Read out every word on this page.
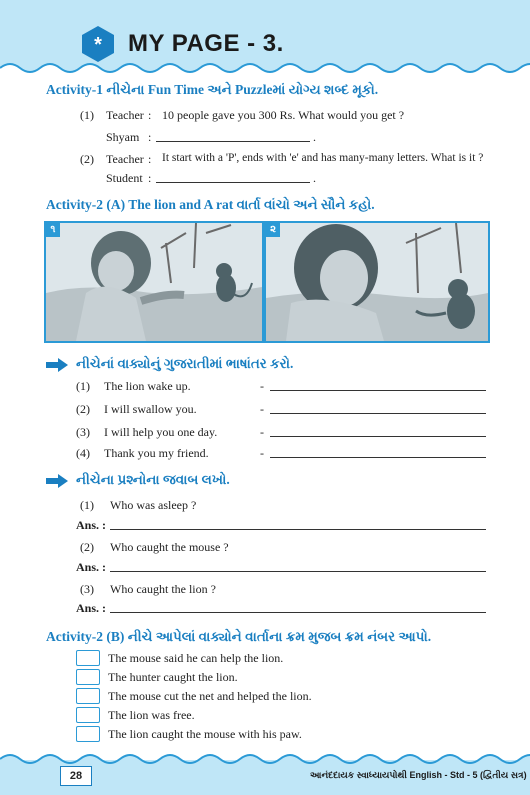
* MY PAGE - 3.
Activity-1 નીચેના Fun Time અને Puzzleમાં યોગ્ય શબ્દ મૂકો.
(1) Teacher : 10 people gave you 300 Rs. What would you get ?
Shyam :	.
(2) Teacher : It start with a 'P', ends with 'e' and has many-many letters. What is it ?
Student :	.
Activity-2 (A) The lion and A rat વાર્તા વાંચો અને સૌને કહો.
૧	૨
નીચેનાં વાક્યોનું ગુજરાતીમાં ભાષાંતર કરો.
(1) The lion wake up.	-
(2) I will swallow you.	-
(3) I will help you one day.	-
(4) Thank you my friend.	-
નીચેના પ્રશ્નોના જવાબ લખો.
(1) Who was asleep ?
Ans. :
(2) Who caught the mouse ?
Ans. :
(3) Who caught the lion ?
Ans. :
Activity-2 (B) નીચે આપેલાં વાક્યોને વાર્તાના ક્રમ મુજબ ક્રમ નંબર આપો.
The mouse said he can help the lion.
The hunter caught the lion.
The mouse cut the net and helped the lion.
The lion was free.
The lion caught the mouse with his paw.
28	આનંદદાયક સ્વાધ્યાયપોથી English - Std - 5 (દ્વિતીય સત્ર)
